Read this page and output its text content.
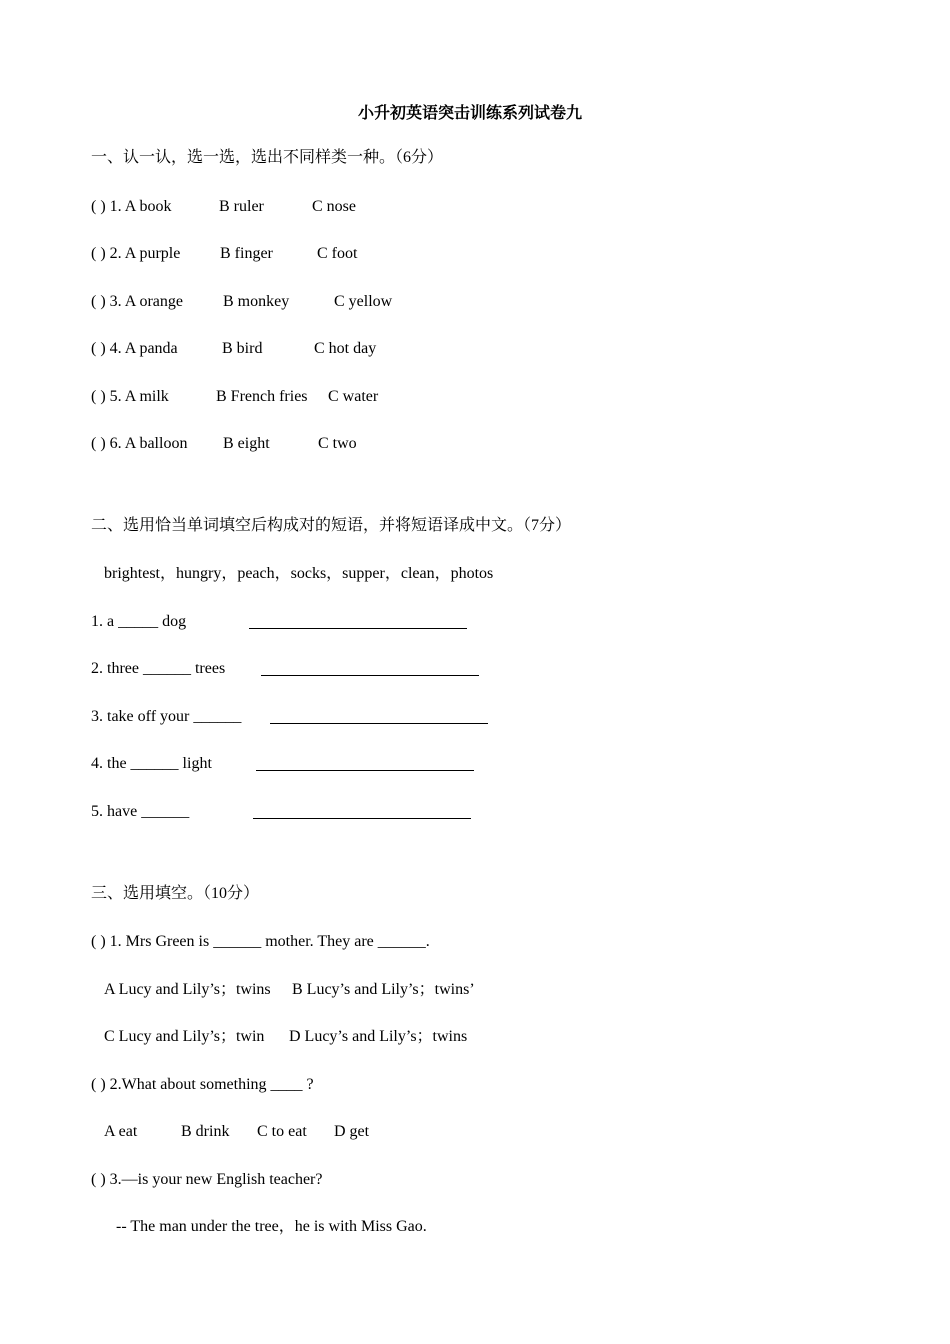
小升初英语突击训练系列试卷九
一、认一认，选一选，选出不同样类一种。（6分）
( ) 1. A book	B ruler	C nose
( ) 2. A purple B finger	C foot
( ) 3. A orange	B monkey	C yellow
( ) 4. A panda	B bird	C hot day
( ) 5. A milk	B French fries C water
( ) 6. A balloon B eight	C two
二、选用恰当单词填空后构成对的短语，并将短语译成中文。（7分）
brightest，hungry，peach，socks，supper，clean，photos
1. a _____ dog
2. three ______ trees
3. take off your ______
4. the ______ light
5. have ______
三、选用填空。（10分）
( ) 1. Mrs Green is ______ mother. They are ______.
A Lucy and Lily’s；twins B Lucy’s and Lily’s；twins’
C Lucy and Lily’s；twin D Lucy’s and Lily’s；twins
( ) 2.What about something ____ ?
A eat	B drink C to eat D get
( ) 3.—is your new English teacher?
-- The man under the tree，he is with Miss Gao.
